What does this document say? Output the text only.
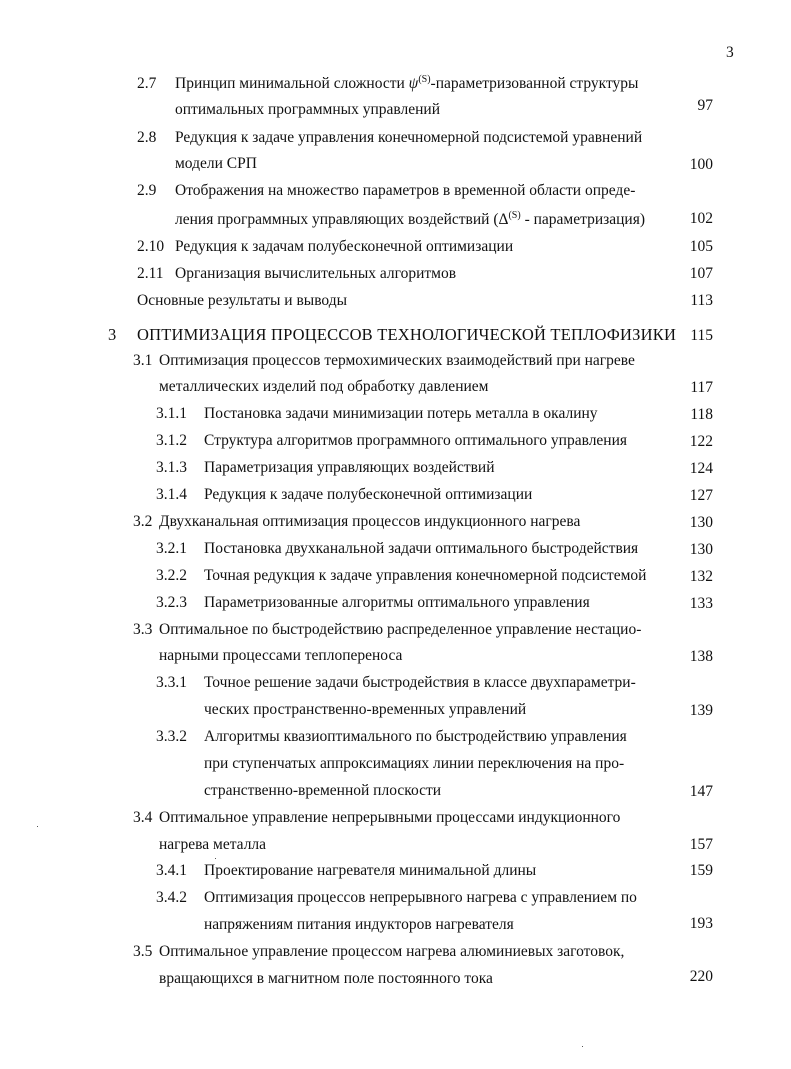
3
2.7 Принцип минимальной сложности $\psi^{(S)}$-параметризованной структуры
оптимальных программных управлений	97
2.8 Редукция к задаче управления конечномерной подсистемой уравнений
модели СРП	100
2.9 Отображения на множество параметров в временной области опреде-
ления программных управляющих воздействий ($\Delta^{(S)}$ - параметризация)	102
2.10 Редукция к задачам полубесконечной оптимизации	105
2.11 Организация вычислительных алгоритмов	107
Основные результаты и выводы	113
3 ОПТИМИЗАЦИЯ ПРОЦЕССОВ ТЕХНОЛОГИЧЕСКОЙ ТЕПЛОФИЗИКИ 115
3.1 Оптимизация процессов термохимических взаимодействий при нагреве
металлических изделий под обработку давлением	117
3.1.1 Постановка задачи минимизации потерь металла в окалину	118
3.1.2 Структура алгоритмов программного оптимального управления	122
3.1.3 Параметризация управляющих воздействий	124
3.1.4 Редукция к задаче полубесконечной оптимизации	127
3.2 Двухканальная оптимизация процессов индукционного нагрева	130
3.2.1 Постановка двухканальной задачи оптимального быстродействия	130
3.2.2 Точная редукция к задаче управления конечномерной подсистемой	132
3.2.3 Параметризованные алгоритмы оптимального управления	133
3.3 Оптимальное по быстродействию распределенное управление нестацио-
нарными процессами теплопереноса	138
3.3.1 Точное решение задачи быстродействия в классе двухпараметри-
ческих пространственно-временных управлений	139
3.3.2 Алгоритмы квазиоптимального по быстродействию управления
при ступенчатых аппроксимациях линии переключения на про-
странственно-временной плоскости	147
3.4 Оптимальное управление непрерывными процессами индукционного
нагрева металла	157
3.4.1 Проектирование нагревателя минимальной длины	159
3.4.2 Оптимизация процессов непрерывного нагрева с управлением по
напряжениям питания индукторов нагревателя	193
3.5 Оптимальное управление процессом нагрева алюминиевых заготовок,
вращающихся в магнитном поле постоянного тока	220
